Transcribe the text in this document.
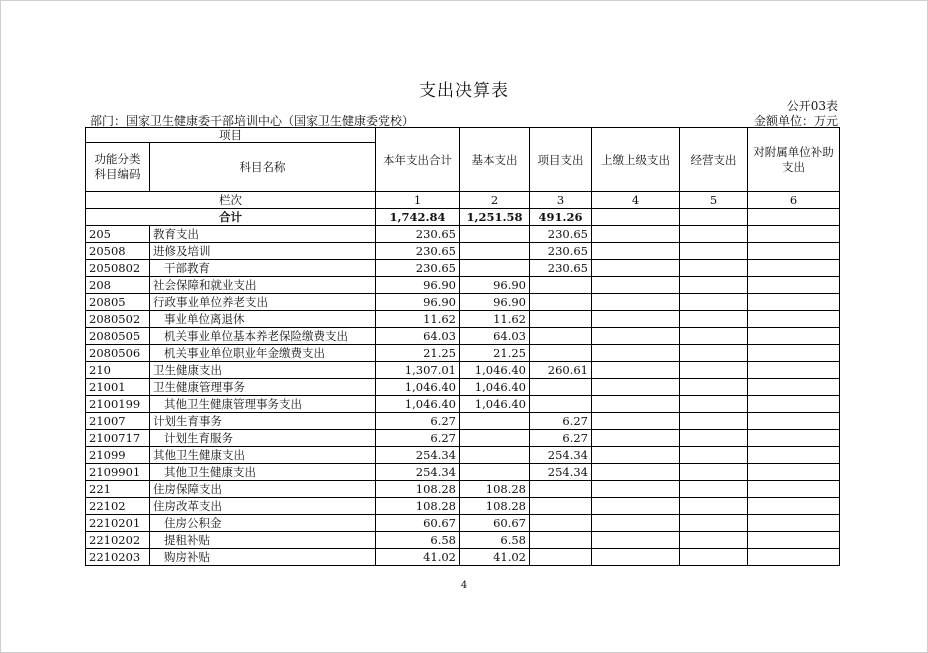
支出决算表
公开03表
部门：国家卫生健康委干部培训中心（国家卫生健康委党校）	金额单位：万元
项目		本年支出合计	基本支出	项目支出	上缴上级支出	经营支出	对附属单位补助支出
功能分类
科目编码	科目名称						
栏次		1	2	3	4	5	6
合计		1,742.84	1,251.58	491.26			
205	教育支出	230.65		230.65			
20508	进修及培训	230.65		230.65			
2050802	干部教育	230.65		230.65			
208	社会保障和就业支出	96.90	96.90				
20805	行政事业单位养老支出	96.90	96.90				
2080502	事业单位离退休	11.62	11.62				
2080505	机关事业单位基本养老保险缴费支出	64.03	64.03				
2080506	机关事业单位职业年金缴费支出	21.25	21.25				
210	卫生健康支出	1,307.01	1,046.40	260.61			
21001	卫生健康管理事务	1,046.40	1,046.40				
2100199	其他卫生健康管理事务支出	1,046.40	1,046.40				
21007	计划生育事务	6.27		6.27			
2100717	计划生育服务	6.27		6.27			
21099	其他卫生健康支出	254.34		254.34			
2109901	其他卫生健康支出	254.34		254.34			
221	住房保障支出	108.28	108.28				
22102	住房改革支出	108.28	108.28				
2210201	住房公积金	60.67	60.67				
2210202	提租补贴	6.58	6.58				
2210203	购房补贴	41.02	41.02				
4
